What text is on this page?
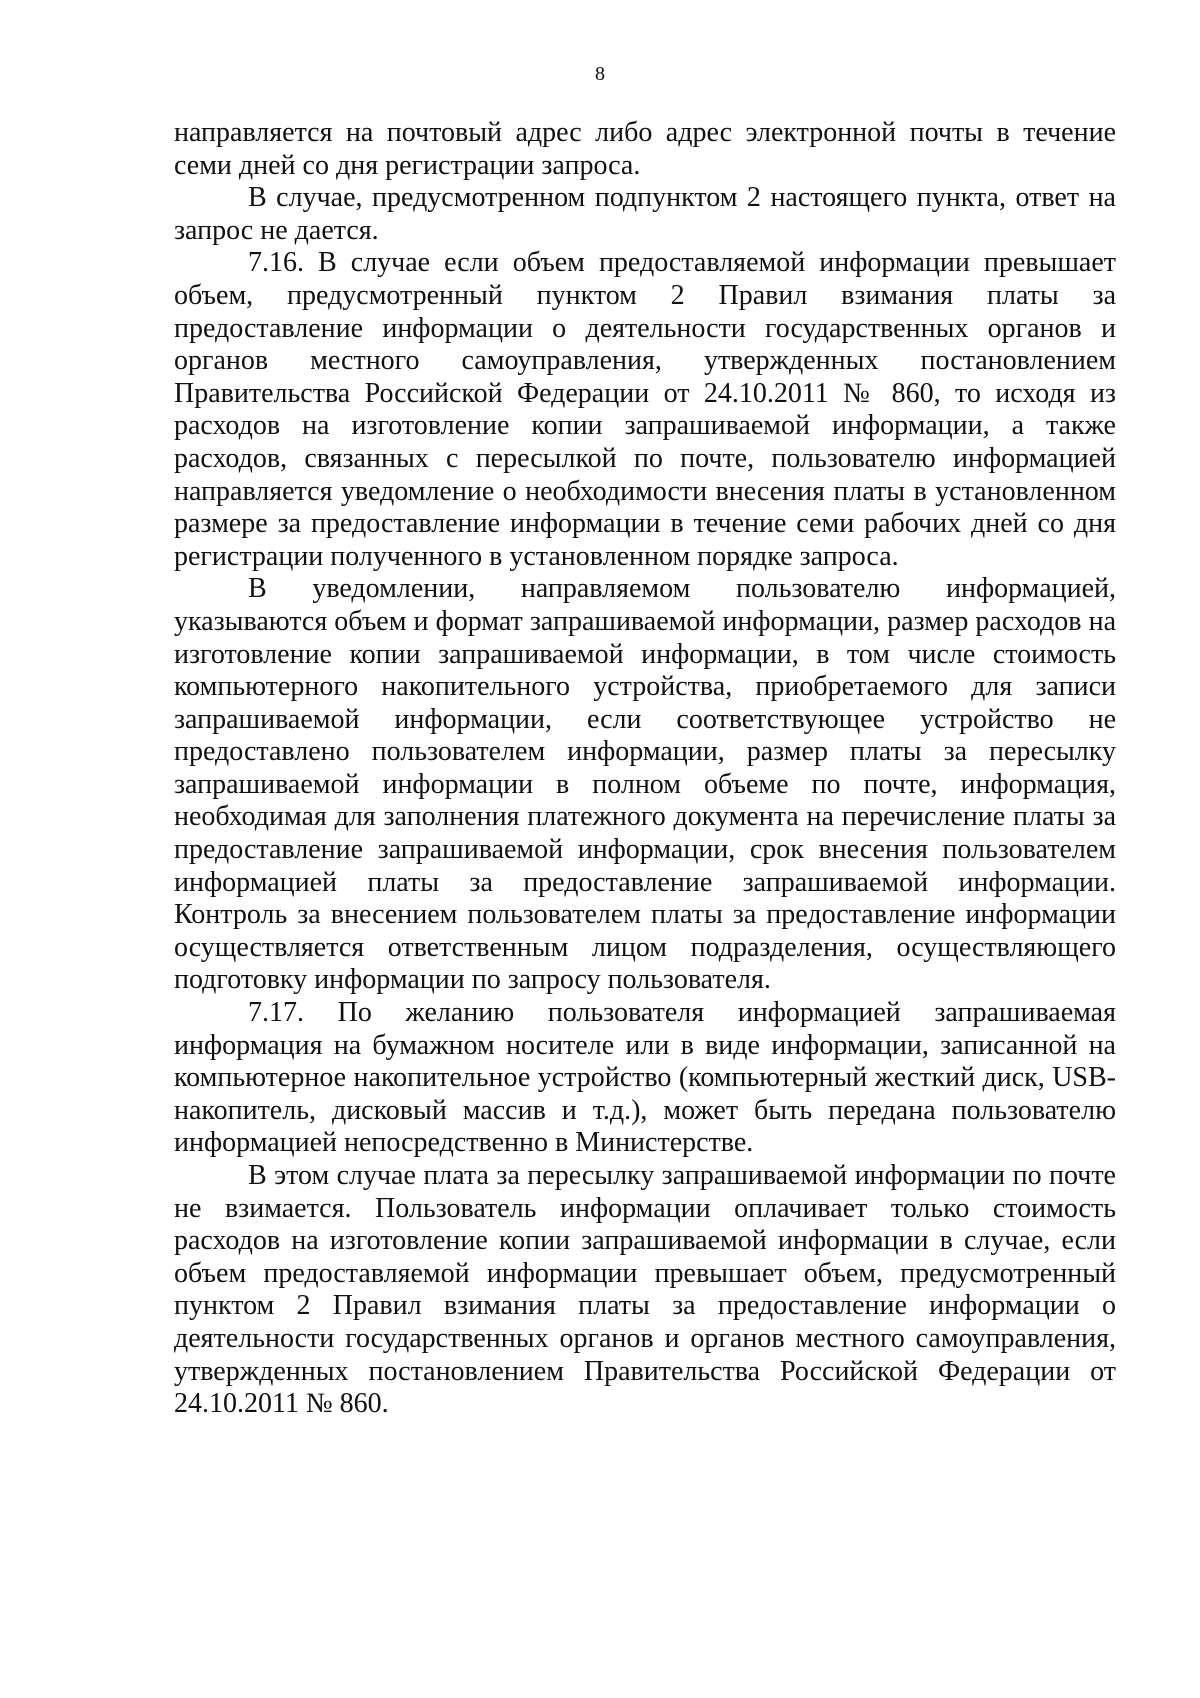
8

направляется на почтовый адрес либо адрес электронной почты в течение семи дней со дня регистрации запроса.

В случае, предусмотренном подпунктом 2 настоящего пункта, ответ на запрос не дается.

7.16. В случае если объем предоставляемой информации превышает объем, предусмотренный пунктом 2 Правил взимания платы за предоставление информации о деятельности государственных органов и органов местного самоуправления, утвержденных постановлением Правительства Российской Федерации от 24.10.2011 № 860, то исходя из расходов на изготовление копии запрашиваемой информации, а также расходов, связанных с пересылкой по почте, пользователю информацией направляется уведомление о необходимости внесения платы в установленном размере за предоставление информации в течение семи рабочих дней со дня регистрации полученного в установленном порядке запроса.

В уведомлении, направляемом пользователю информацией, указываются объем и формат запрашиваемой информации, размер расходов на изготовление копии запрашиваемой информации, в том числе стоимость компьютерного накопительного устройства, приобретаемого для записи запрашиваемой информации, если соответствующее устройство не предоставлено пользователем информации, размер платы за пересылку запрашиваемой информации в полном объеме по почте, информация, необходимая для заполнения платежного документа на перечисление платы за предоставление запрашиваемой информации, срок внесения пользователем информацией платы за предоставление запрашиваемой информации. Контроль за внесением пользователем платы за предоставление информации осуществляется ответственным лицом подразделения, осуществляющего подготовку информации по запросу пользователя.

7.17. По желанию пользователя информацией запрашиваемая информация на бумажном носителе или в виде информации, записанной на компьютерное накопительное устройство (компьютерный жесткий диск, USB-накопитель, дисковый массив и т.д.), может быть передана пользователю информацией непосредственно в Министерстве.

В этом случае плата за пересылку запрашиваемой информации по почте не взимается. Пользователь информации оплачивает только стоимость расходов на изготовление копии запрашиваемой информации в случае, если объем предоставляемой информации превышает объем, предусмотренный пунктом 2 Правил взимания платы за предоставление информации о деятельности государственных органов и органов местного самоуправления, утвержденных постановлением Правительства Российской Федерации от 24.10.2011 № 860.
